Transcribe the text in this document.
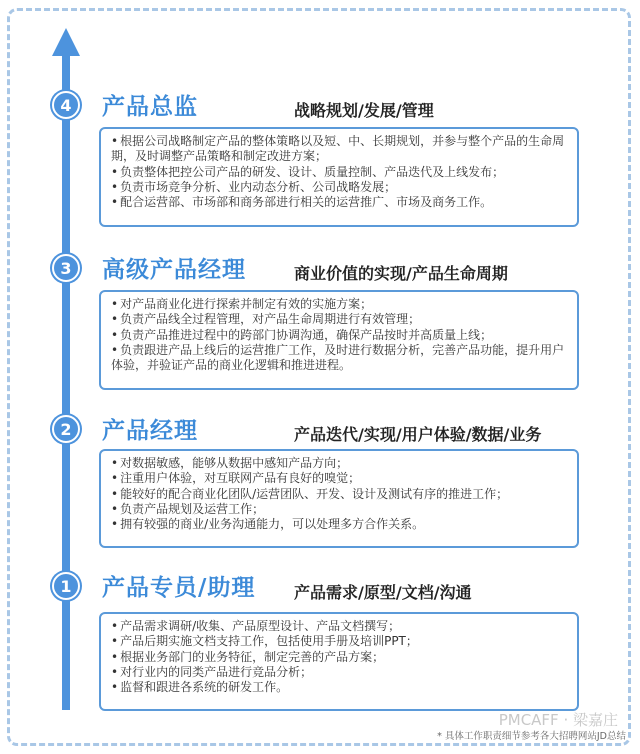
4	产品总监	战略规划/发展/管理

• 根据公司战略制定产品的整体策略以及短、中、长期规划，并参与整个产品的生命周期，及时调整产品策略和制定改进方案；

• 负责整体把控公司产品的研发、设计、质量控制、产品迭代及上线发布；

• 负责市场竞争分析、业内动态分析、公司战略发展；

• 配合运营部、市场部和商务部进行相关的运营推广、市场及商务工作。

3	高级产品经理	商业价值的实现/产品生命周期

• 对产品商业化进行探索并制定有效的实施方案；

• 负责产品线全过程管理，对产品生命周期进行有效管理；

• 负责产品推进过程中的跨部门协调沟通，确保产品按时并高质量上线；

• 负责跟进产品上线后的运营推广工作，及时进行数据分析，完善产品功能，提升用户体验，并验证产品的商业化逻辑和推进进程。

2	产品经理	产品迭代/实现/用户体验/数据/业务

• 对数据敏感，能够从数据中感知产品方向；

• 注重用户体验，对互联网产品有良好的嗅觉；

• 能较好的配合商业化团队/运营团队、开发、设计及测试有序的推进工作；

• 负责产品规划及运营工作；

• 拥有较强的商业/业务沟通能力，可以处理多方合作关系。

1	产品专员/助理 产品需求/原型/文档/沟通

• 产品需求调研/收集、产品原型设计、产品文档撰写；

• 产品后期实施文档支持工作，包括使用手册及培训PPT；

• 根据业务部门的业务特征，制定完善的产品方案；

• 对行业内的同类产品进行竞品分析；

• 监督和跟进各系统的研发工作。

PMCAFF · 梁嘉庄
* 具体工作职责细节参考各大招聘网站JD总结
